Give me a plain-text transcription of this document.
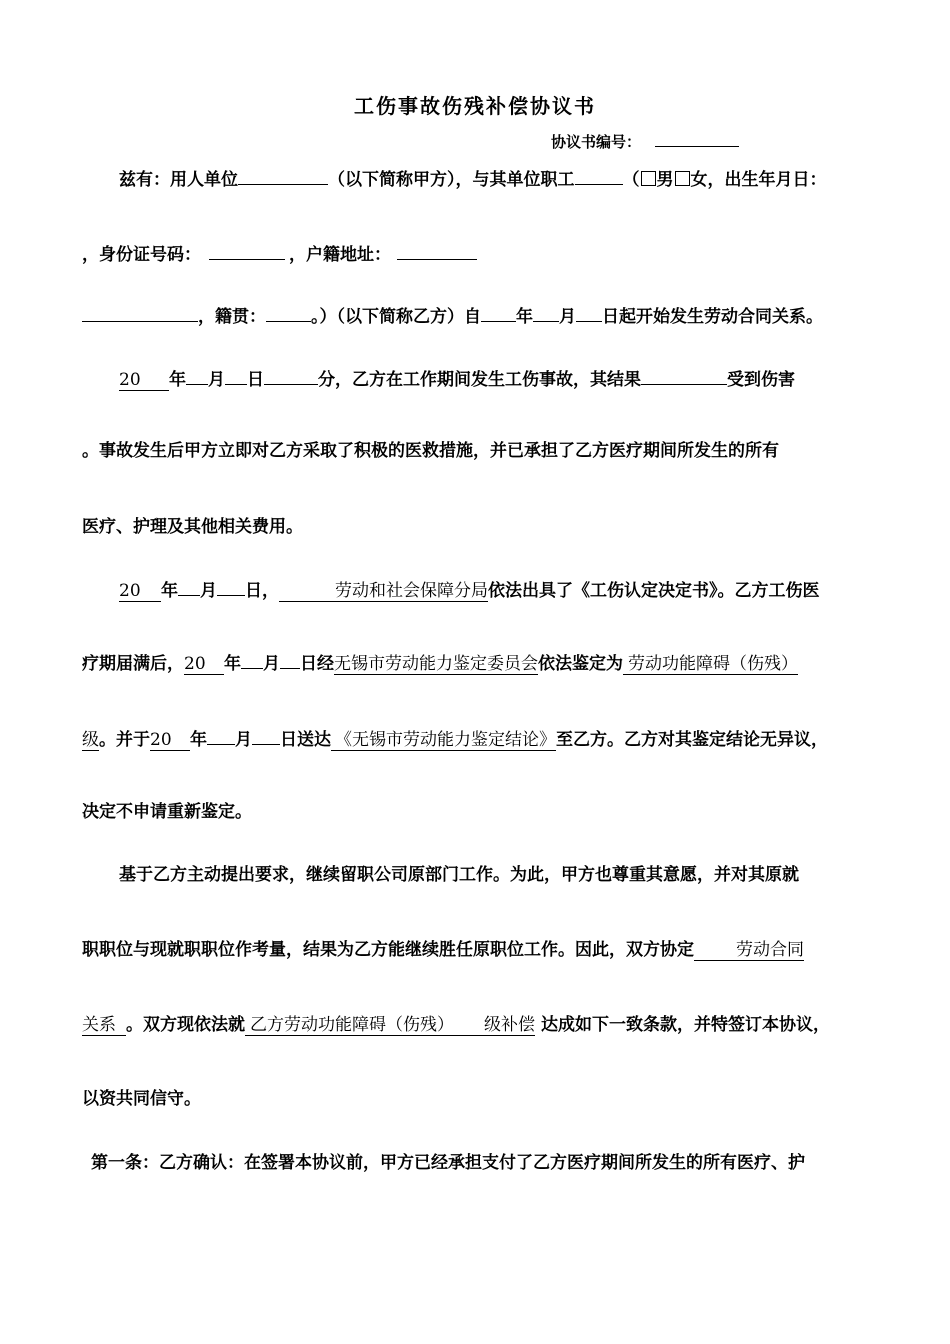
工伤事故伤残补偿协议书
协议书编号：
兹有：用人单位	（以下简称甲方），与其单位职工	（ 男 女，出生年月日：
，身份证号码：	，户籍地址：
，籍贯：	。）（以下简称乙方）自 年 月 日起开始发生劳动合同关系。
20 年 月 日	分，乙方在工作期间发生工伤事故，其结果	受到伤害
。事故发生后甲方立即对乙方采取了积极的医救措施，并已承担了乙方医疗期间所发生的所有
医疗、护理及其他相关费用。
20 年 月 日，	劳动和社会保障分局依法出具了《工伤认定决定书》。乙方工伤医
疗期届满后，20 年 月 日经无锡市劳动能力鉴定委员会依法鉴定为 劳动功能障碍（伤残）
级。并于20 年 月 日送达 《无锡市劳动能力鉴定结论》至乙方。乙方对其鉴定结论无异议，
决定不申请重新鉴定。
基于乙方主动提出要求，继续留职公司原部门工作。为此，甲方也尊重其意愿，并对其原就
职职位与现就职职位作考量，结果为乙方能继续胜任原职位工作。因此，双方协定 劳动合同
关系 。双方现依法就 乙方劳动功能障碍（伤残） 级补偿 达成如下一致条款，并特签订本协议，
以资共同信守。
第一条：乙方确认：在签署本协议前，甲方已经承担支付了乙方医疗期间所发生的所有医疗、护
